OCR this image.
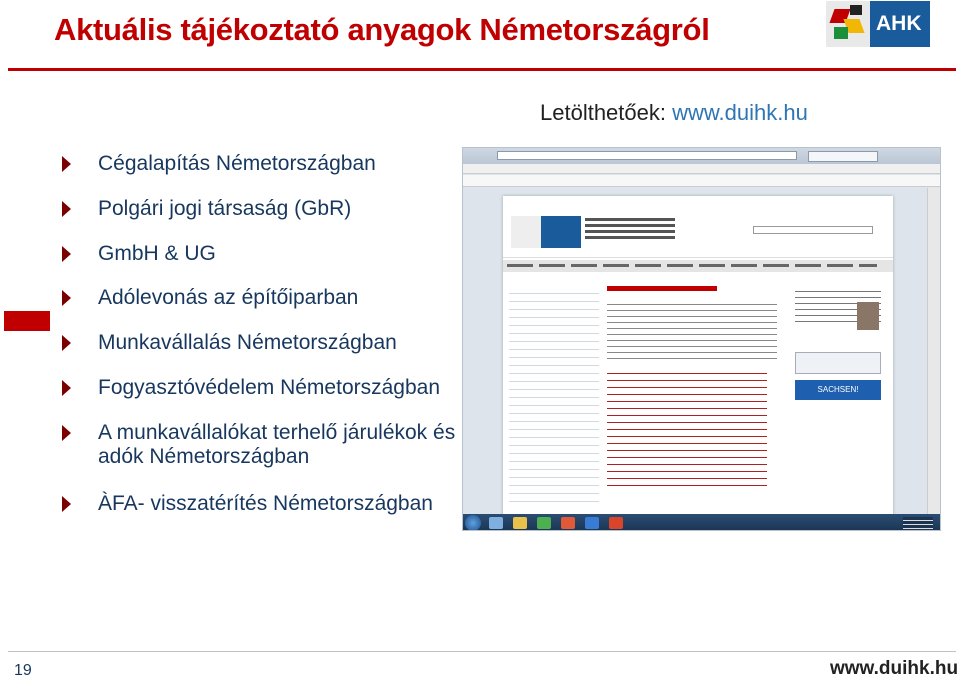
Aktuális tájékoztató anyagok Németországról	AHK
Letölthetőek: www.duihk.hu
Cégalapítás Németországban
Polgári jogi társaság (GbR)
GmbH & UG
Adólevonás az építőiparban
Munkavállalás Németországban
Fogyasztóvédelem Németországban
A munkavállalókat terhelő járulékok és adók Németországban
ÀFA- visszatérítés Németországban
SACHSEN!
19	www.duihk.hu
